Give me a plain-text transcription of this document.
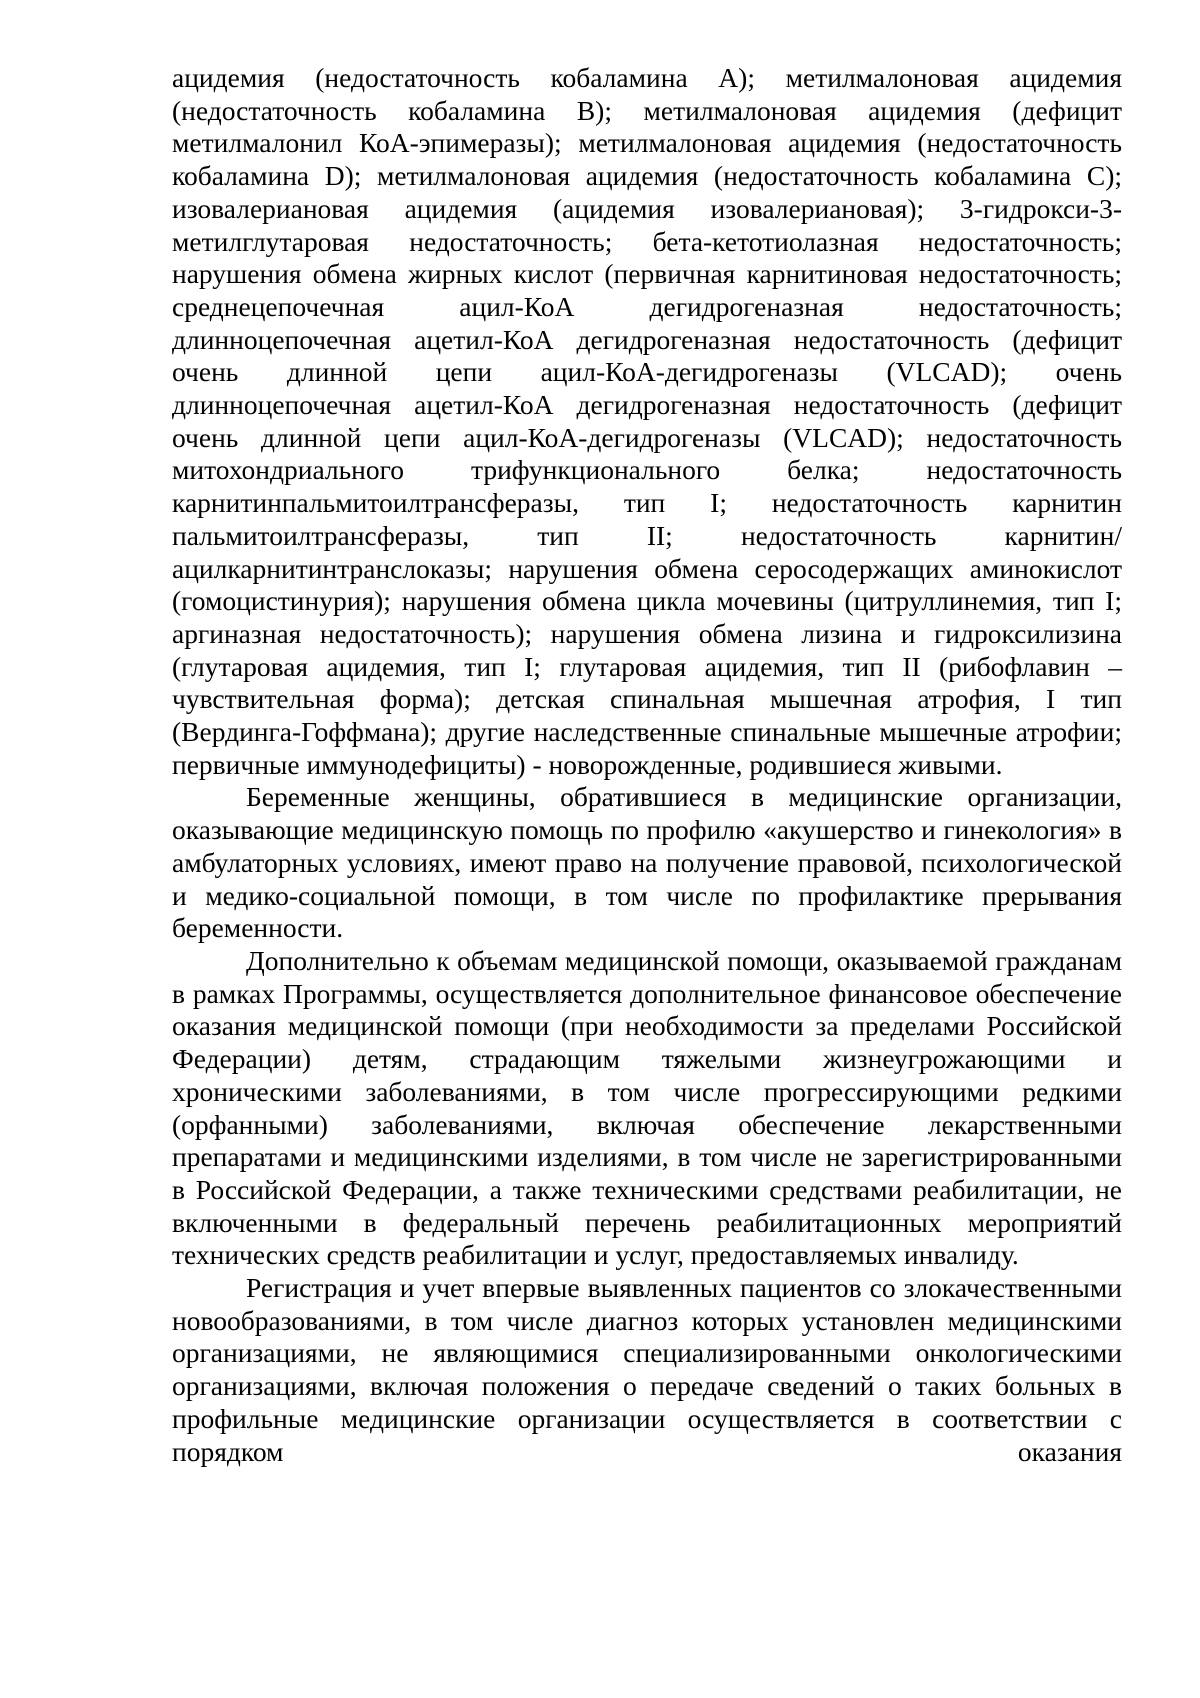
ацидемия (недостаточность кобаламина A); метилмалоновая ацидемия (недостаточность кобаламина B); метилмалоновая ацидемия (дефицит метилмалонил КоА-эпимеразы); метилмалоновая ацидемия (недостаточность кобаламина D); метилмалоновая ацидемия (недостаточность кобаламина C); изовалериановая ацидемия (ацидемия изовалериановая); 3-гидрокси-3-метилглутаровая недостаточность; бета-кетотиолазная недостаточность; нарушения обмена жирных кислот (первичная карнитиновая недостаточность; среднецепочечная ацил-КоА дегидрогеназная недостаточность; длинноцепочечная ацетил-КоА дегидрогеназная недостаточность (дефицит очень длинной цепи ацил-КоА-дегидрогеназы (VLCAD); очень длинноцепочечная ацетил-КоА дегидрогеназная недостаточность (дефицит очень длинной цепи ацил-КоА-дегидрогеназы (VLCAD); недостаточность митохондриального трифункционального белка; недостаточность карнитинпальмитоилтрансферазы, тип I; недостаточность карнитин пальмитоилтрансферазы, тип II; недостаточность карнитин/ацилкарнитинтранслоказы; нарушения обмена серосодержащих аминокислот (гомоцистинурия); нарушения обмена цикла мочевины (цитруллинемия, тип I; аргиназная недостаточность); нарушения обмена лизина и гидроксилизина (глутаровая ацидемия, тип I; глутаровая ацидемия, тип II (рибофлавин – чувствительная форма); детская спинальная мышечная атрофия, I тип (Вердинга-Гоффмана); другие наследственные спинальные мышечные атрофии; первичные иммунодефициты) - новорожденные, родившиеся живыми.

Беременные женщины, обратившиеся в медицинские организации, оказывающие медицинскую помощь по профилю «акушерство и гинекология» в амбулаторных условиях, имеют право на получение правовой, психологической и медико-социальной помощи, в том числе по профилактике прерывания беременности.

Дополнительно к объемам медицинской помощи, оказываемой гражданам в рамках Программы, осуществляется дополнительное финансовое обеспечение оказания медицинской помощи (при необходимости за пределами Российской Федерации) детям, страдающим тяжелыми жизнеугрожающими и хроническими заболеваниями, в том числе прогрессирующими редкими (орфанными) заболеваниями, включая обеспечение лекарственными препаратами и медицинскими изделиями, в том числе не зарегистрированными в Российской Федерации, а также техническими средствами реабилитации, не включенными в федеральный перечень реабилитационных мероприятий технических средств реабилитации и услуг, предоставляемых инвалиду.

Регистрация и учет впервые выявленных пациентов со злокачественными новообразованиями, в том числе диагноз которых установлен медицинскими организациями, не являющимися специализированными онкологическими организациями, включая положения о передаче сведений о таких больных в профильные медицинские организации осуществляется в соответствии с порядком оказания
